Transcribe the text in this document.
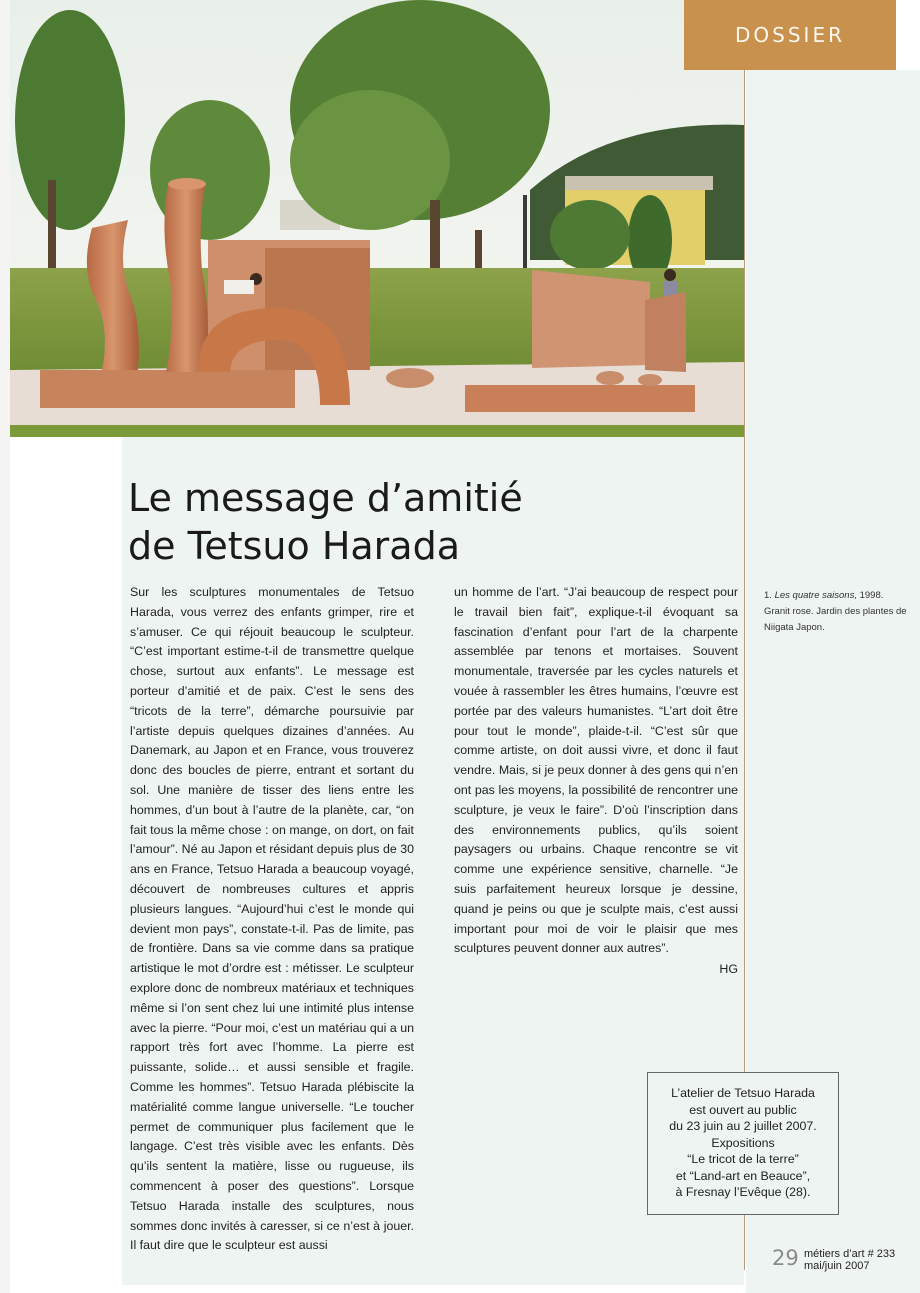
DOSSIER
Le message d’amitié
de Tetsuo Harada

Sur les sculptures monumentales de Tetsuo Harada, vous verrez des enfants grimper, rire et s’amuser. Ce qui réjouit beaucoup le sculpteur. “C’est important estime-t-il de transmettre quelque chose, surtout aux enfants”. Le message est porteur d’amitié et de paix. C’est le sens des “tricots de la terre”, démarche poursuivie par l’artiste depuis quelques dizaines d’années. Au Danemark, au Japon et en France, vous trouverez donc des boucles de pierre, entrant et sortant du sol. Une manière de tisser des liens entre les hommes, d’un bout à l’autre de la planète, car, “on fait tous la même chose : on mange, on dort, on fait l’amour”. Né au Japon et résidant depuis plus de 30 ans en France, Tetsuo Harada a beaucoup voyagé, découvert de nombreuses cultures et appris plusieurs langues. “Aujourd’hui c’est le monde qui devient mon pays”, constate-t-il. Pas de limite, pas de frontière. Dans sa vie comme dans sa pratique artistique le mot d’ordre est : métisser. Le sculpteur explore donc de nombreux matériaux et techniques même si l’on sent chez lui une intimité plus intense avec la pierre. “Pour moi, c’est un matériau qui a un rapport très fort avec l’homme. La pierre est puissante, solide… et aussi sensible et fragile. Comme les hommes”. Tetsuo Harada plébiscite la matérialité comme langue universelle. “Le toucher permet de communiquer plus facilement que le langage. C’est très visible avec les enfants. Dès qu’ils sentent la matière, lisse ou rugueuse, ils commencent à poser des questions”. Lorsque Tetsuo Harada installe des sculptures, nous sommes donc invités à caresser, si ce n’est à jouer. Il faut dire que le sculpteur est aussi

un homme de l’art. “J’ai beaucoup de respect pour le travail bien fait”, explique-t-il évoquant sa fascination d’enfant pour l’art de la charpente assemblée par tenons et mortaises. Souvent monumentale, traversée par les cycles naturels et vouée à rassembler les êtres humains, l’œuvre est portée par des valeurs humanistes. “L’art doit être pour tout le monde”, plaide-t-il. “C’est sûr que comme artiste, on doit aussi vivre, et donc il faut vendre. Mais, si je peux donner à des gens qui n’en ont pas les moyens, la possibilité de rencontrer une sculpture, je veux le faire”. D’où l’inscription dans des environnements publics, qu’ils soient paysagers ou urbains. Chaque rencontre se vit comme une expérience sensitive, charnelle. “Je suis parfaitement heureux lorsque je dessine, quand je peins ou que je sculpte mais, c’est aussi important pour moi de voir le plaisir que mes sculptures peuvent donner aux autres”.

HG

1. Les quatre saisons, 1998. Granit rose. Jardin des plantes de Niigata Japon.

L’atelier de Tetsuo Harada
est ouvert au public
du 23 juin au 2 juillet 2007.
Expositions
“Le tricot de la terre”
et “Land-art en Beauce”,
à Fresnay l’Evêque (28).
29 métiers d’art # 233
mai/juin 2007
